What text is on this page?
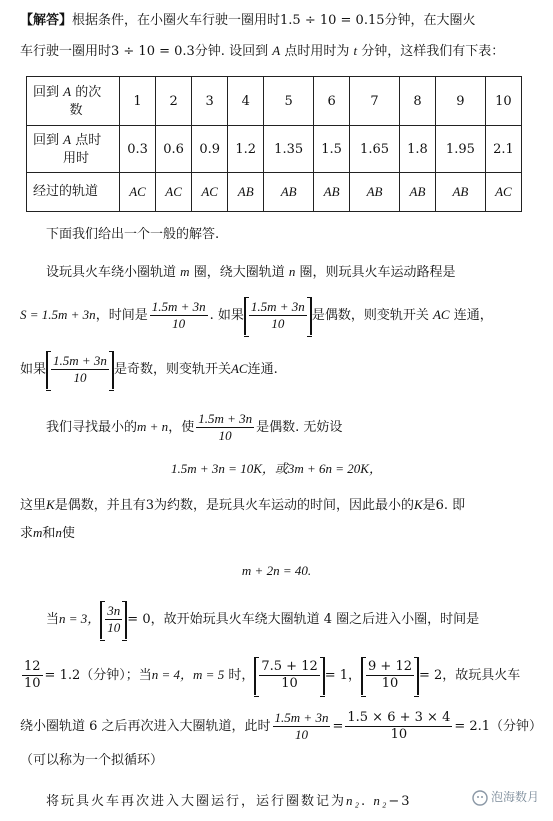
【解答】根据条件，在小圈火车行驶一圈用时1.5 ÷ 10 = 0.15分钟，在大圈火
车行驶一圈用时3 ÷ 10 = 0.3分钟. 设回到 A 点时用时为 t 分钟，这样我们有下表：
回到 A 的次

数	1	2	3	4	5	6	7	8	9	10
回到 A 点时

用时	0.3	0.6	0.9	1.2	1.35	1.5	1.65	1.8	1.95	2.1
经过的轨道	AC	AC	AC	AB	AB	AB	AB	AB	AB	AC
下面我们给出一个一般的解答.
设玩具火车绕小圈轨道 m 圈，绕大圈轨道 n 圈，则玩具火车运动路程是
S = 1.5m + 3n，时间是 $\frac{1.5m + 3n}{10}$ . 如果 $\frac{1.5m + 3n}{10}$ 是偶数，则变轨开关 AC 连通，
如果 $\frac{1.5m + 3n}{10}$ 是奇数，则变轨开关AC连通.
我们寻找最小的m + n，使 $\frac{1.5m + 3n}{10}$ 是偶数. 无妨设
1.5m + 3n = 10K，或3m + 6n = 20K，
这里K是偶数，并且有3为约数，是玩具火车运动的时间，因此最小的K是6. 即
求m和n使
m + 2n = 40.
当n = 3， $\frac{3n}{10} = 0$，故开始玩具火车绕大圈轨道 4 圈之后进入小圈，时间是
$\frac{12}{10} = 1.2$（分钟）；当n = 4，m = 5 时， $\frac{7.5 + 12}{10} = 1$， $\frac{9 + 12}{10} = 2$，故玩具火车
绕小圈轨道 6 之后再次进入大圈轨道，此时 $\frac{1.5m + 3n}{10} = \frac{1.5 \times 6 + 3 \times 4}{10} = 2.1$（分钟）
（可以称为一个拟循环）
将玩具火车再次进入大圈运行，运行圈数记为n₂. n₂−3	泡海数月
